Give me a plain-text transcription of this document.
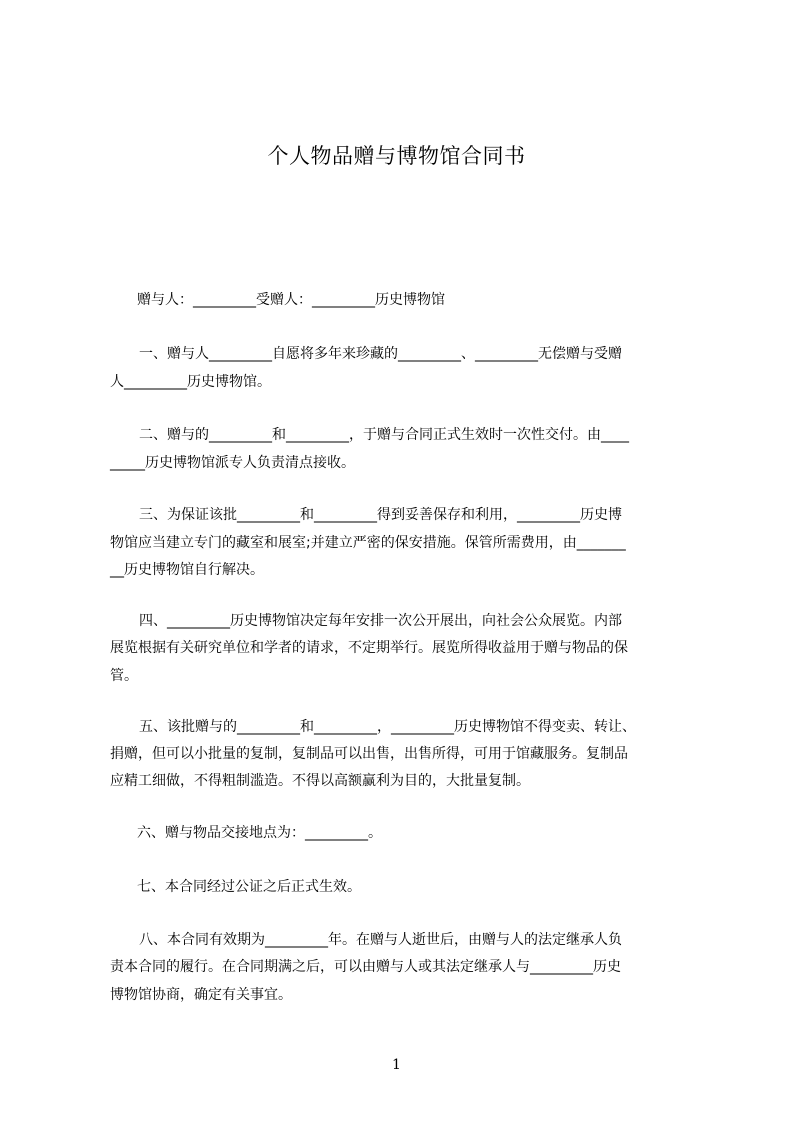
个人物品赠与博物馆合同书
赠与人：_________受赠人：_________历史博物馆
一、赠与人_________自愿将多年来珍藏的_________、_________无偿赠与受赠
人_________历史博物馆。
二、赠与的_________和_________，于赠与合同正式生效时一次性交付。由____
_____历史博物馆派专人负责清点接收。
三、为保证该批_________和_________得到妥善保存和利用，_________历史博
物馆应当建立专门的藏室和展室;并建立严密的保安措施。保管所需费用，由_______
__历史博物馆自行解决。
四、_________历史博物馆决定每年安排一次公开展出，向社会公众展览。内部
展览根据有关研究单位和学者的请求，不定期举行。展览所得收益用于赠与物品的保
管。
五、该批赠与的_________和_________，_________历史博物馆不得变卖、转让、
捐赠，但可以小批量的复制，复制品可以出售，出售所得，可用于馆藏服务。复制品
应精工细做，不得粗制滥造。不得以高额赢利为目的，大批量复制。
六、赠与物品交接地点为：_________。
七、本合同经过公证之后正式生效。
八、本合同有效期为_________年。在赠与人逝世后，由赠与人的法定继承人负
责本合同的履行。在合同期满之后，可以由赠与人或其法定继承人与_________历史
博物馆协商，确定有关事宜。
1
